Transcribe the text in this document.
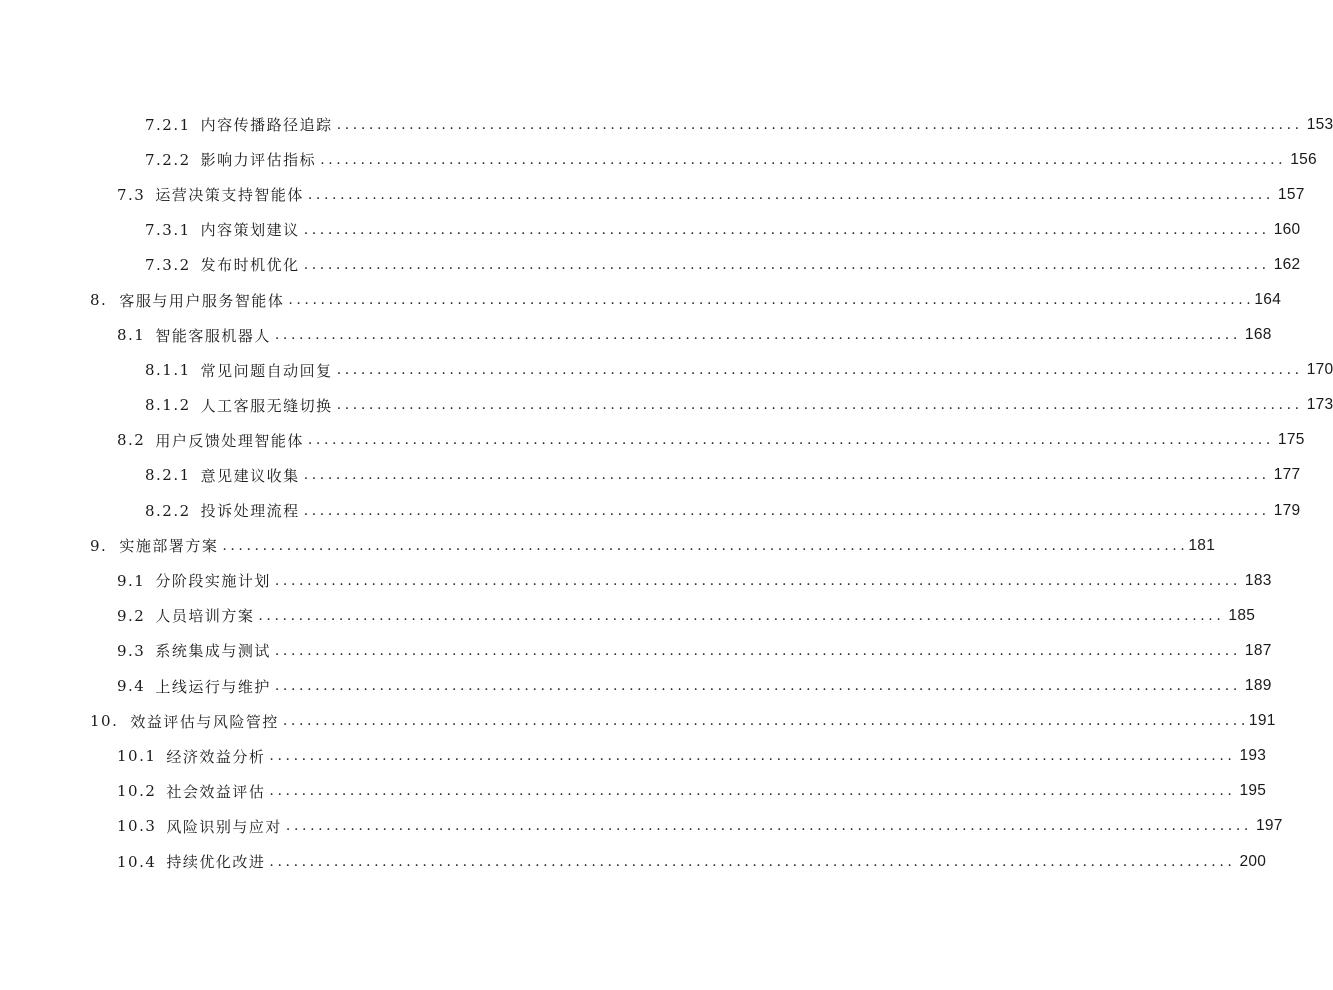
7.2.1 内容传播路径追踪 ........................................................................................................................ 153
7.2.2 影响力评估指标 ........................................................................................................................ 156
7.3 运营决策支持智能体 ........................................................................................................................ 157
7.3.1 内容策划建议 ........................................................................................................................ 160
7.3.2 发布时机优化 ........................................................................................................................ 162
8. 客服与用户服务智能体 ........................................................................................................................ 164
8.1 智能客服机器人 ........................................................................................................................ 168
8.1.1 常见问题自动回复 ........................................................................................................................ 170
8.1.2 人工客服无缝切换 ........................................................................................................................ 173
8.2 用户反馈处理智能体 ........................................................................................................................ 175
8.2.1 意见建议收集 ........................................................................................................................ 177
8.2.2 投诉处理流程 ........................................................................................................................ 179
9. 实施部署方案 ........................................................................................................................ 181
9.1 分阶段实施计划 ........................................................................................................................ 183
9.2 人员培训方案 ........................................................................................................................ 185
9.3 系统集成与测试 ........................................................................................................................ 187
9.4 上线运行与维护 ........................................................................................................................ 189
10. 效益评估与风险管控 ........................................................................................................................ 191
10.1 经济效益分析 ........................................................................................................................ 193
10.2 社会效益评估 ........................................................................................................................ 195
10.3 风险识别与应对 ........................................................................................................................ 197
10.4 持续优化改进 ........................................................................................................................ 200
